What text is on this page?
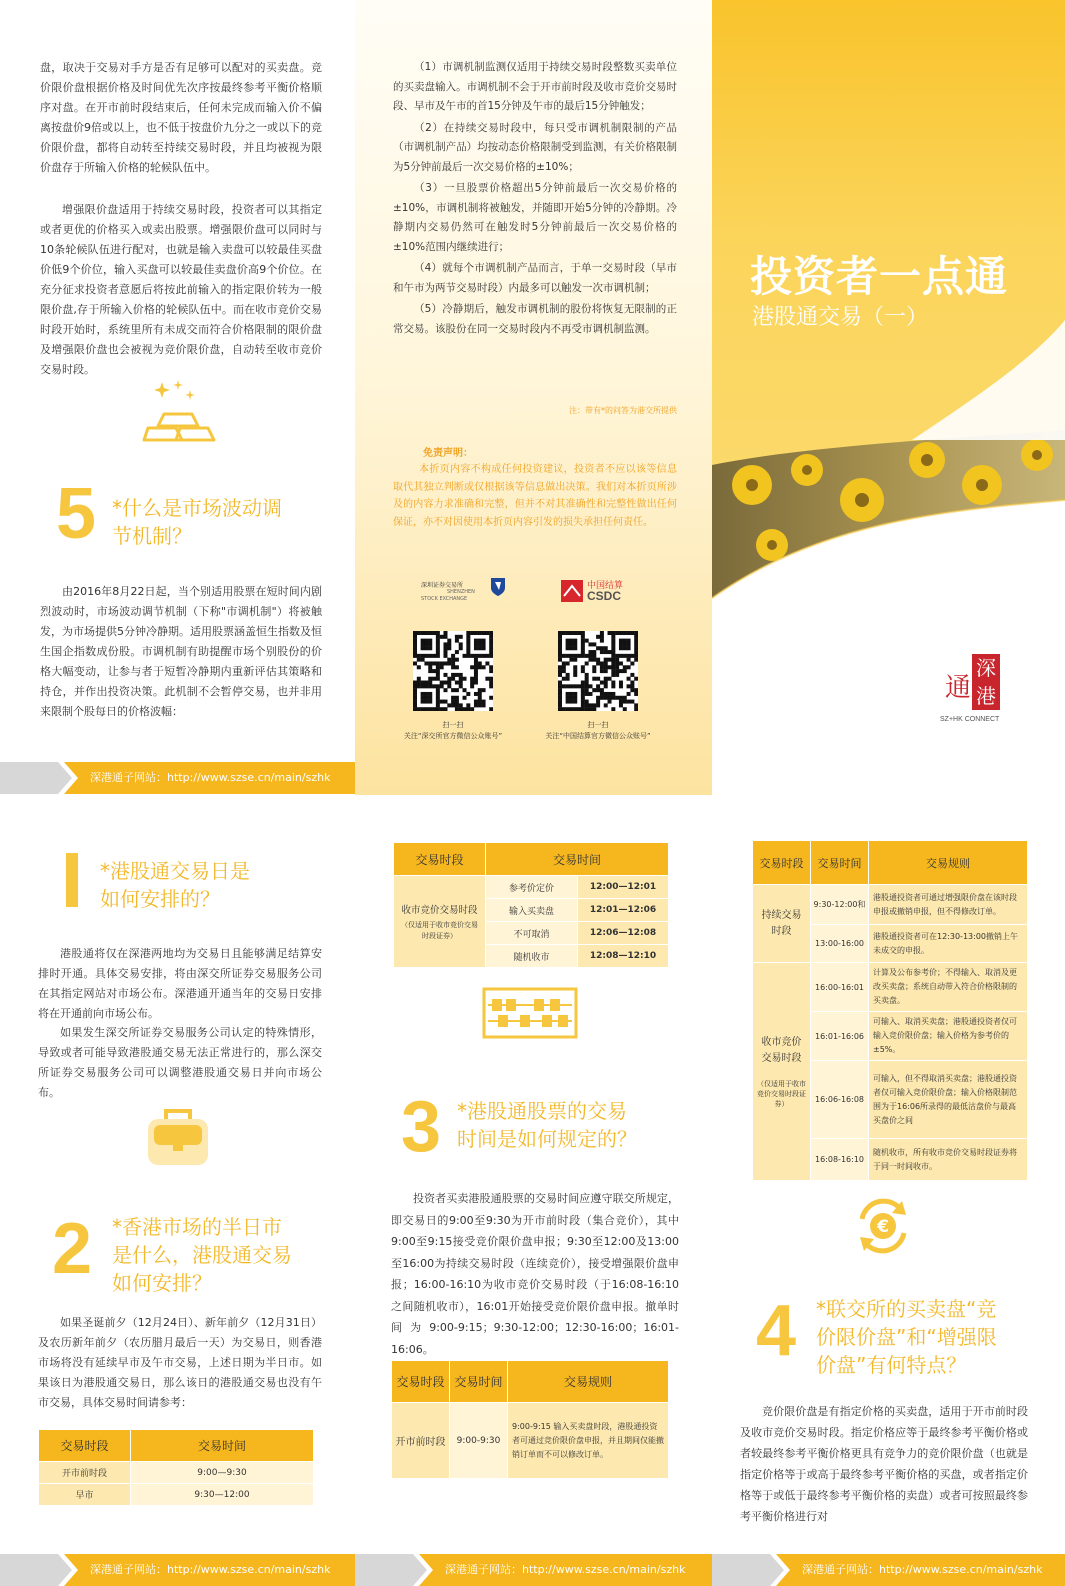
盘，取决于交易对手方是否有足够可以配对的买卖盘。竞价限价盘根据价格及时间优先次序按最终参考平衡价格顺序对盘。在开市前时段结束后，任何未完成而输入价不偏离按盘价9倍或以上，也不低于按盘价九分之一或以下的竞价限价盘，都将自动转至持续交易时段，并且均被视为限价盘存于所输入价格的轮候队伍中。

增强限价盘适用于持续交易时段，投资者可以其指定或者更优的价格买入或卖出股票。增强限价盘可以同时与10条轮候队伍进行配对，也就是输入卖盘可以较最佳买盘价低9个价位，输入买盘可以较最佳卖盘价高9个价位。在充分征求投资者意愿后将按此前输入的指定限价转为一般限价盘,存于所输入价格的轮候队伍中。而在收市竞价交易时段开始时，系统里所有未成交而符合价格限制的限价盘及增强限价盘也会被视为竞价限价盘，自动转至收市竞价交易时段。

5 *什么是市场波动调
节机制？

由2016年8月22日起，当个别适用股票在短时间内剧烈波动时，市场波动调节机制（下称"市调机制"）将被触发，为市场提供5分钟冷静期。适用股票涵盖恒生指数及恒生国企指数成份股。市调机制有助提醒市场个别股份的价格大幅变动，让参与者于短暂冷静期内重新评估其策略和持仓，并作出投资决策。此机制不会暂停交易，也并非用来限制个股每日的价格波幅：

深港通子网站：http://www.szse.cn/main/szhk

（1）市调机制监测仅适用于持续交易时段整数买卖单位的买卖盘输入。市调机制不会于开市前时段及收市竞价交易时段、早市及午市的首15分钟及午市的最后15分钟触发；

（2）在持续交易时段中，每只受市调机制限制的产品（市调机制产品）均按动态价格限制受到监测，有关价格限制为5分钟前最后一次交易价格的±10%；

（3）一旦股票价格超出5分钟前最后一次交易价格的±10%，市调机制将被触发，并随即开始5分钟的冷静期。冷静期内交易仍然可在触发时5分钟前最后一次交易价格的±10%范围内继续进行；

（4）就每个市调机制产品而言，于单一交易时段（早市和午市为两节交易时段）内最多可以触发一次市调机制；

（5）冷静期后，触发市调机制的股份将恢复无限制的正常交易。该股份在同一交易时段内不再受市调机制监测。

注：带有*的问答为港交所提供
免责声明：

本折页内容不构成任何投资建议，投资者不应以该等信息取代其独立判断或仅根据该等信息做出决策。我们对本折页所涉及的内容力求准确和完整，但并不对其准确性和完整性做出任何保证，亦不对因使用本折页内容引发的损失承担任何责任。

深圳证券交易所
SHENZHEN
STOCK EXCHANGE
中国结算
CSDC
扫一扫
关注“深交所官方微信公众账号”
扫一扫
关注“中国结算官方微信公众账号”
投资者一点通
港股通交易（一）
深
港
通
SZ+HK CONNECT
*港股通交易日是
如何安排的？

港股通将仅在深港两地均为交易日且能够满足结算安排时开通。具体交易安排，将由深交所证券交易服务公司在其指定网站对市场公布。深港通开通当年的交易日安排将在开通前向市场公布。

如果发生深交所证券交易服务公司认定的特殊情形，导致或者可能导致港股通交易无法正常进行的，那么深交所证券交易服务公司可以调整港股通交易日并向市场公布。

2 *香港市场的半日市
是什么，港股通交易
如何安排？

如果圣诞前夕（12月24日）、新年前夕（12月31日）及农历新年前夕（农历腊月最后一天）为交易日，则香港市场将没有延续早市及午市交易，上述日期为半日市。如果该日为港股通交易日，那么该日的港股通交易也没有午市交易，具体交易时间请参考：

交易时段	交易时间
开市前时段	9:00—9:30
早市	9:30—12:00
深港通子网站：http://www.szse.cn/main/szhk
交易时段	交易时间	

收市竞价交易时段
（仅适用于收市竞价交易时段证券）	参考价定价	12:00—12:01
	输入买卖盘	12:01—12:06
	不可取消	12:06—12:08
	随机收市	12:08—12:10
3 *港股通股票的交易
时间是如何规定的？

投资者买卖港股通股票的交易时间应遵守联交所规定，即交易日的9:00至9:30为开市前时段（集合竞价），其中9:00至9:15接受竞价限价盘申报；9:30至12:00及13:00至16:00为持续交易时段（连续竞价），接受增强限价盘申报；16:00-16:10为收市竞价交易时段（于16:08-16:10之间随机收市），16:01开始接受竞价限价盘申报。撤单时间为9:00-9:15；9:30-12:00；12:30-16:00；16:01-16:06。

交易时段	交易时间	交易规则
开市前时段	9:00-9:30	9:00-9:15 输入买卖盘时段，港股通投资者可通过竞价限价盘申报，并且期间仅能撤销订单而不可以修改订单。
深港通子网站：http://www.szse.cn/main/szhk
交易时段	交易时间	交易规则
持续交易时段	9:30-12:00和	港股通投资者可通过增强限价盘在该时段申报或撤销申报，但不得修改订单。
	13:00-16:00	港股通投资者可在12:30-13:00撤销上午未成交的申报。

收市竞价交易时段
（仅适用于收市竞价交易时段证券）	16:00-16:01	计算及公布参考价；不得输入、取消及更改买卖盘；系统自动带入符合价格限制的买卖盘。
	16:01-16:06	可输入、取消买卖盘；港股通投资者仅可输入竞价限价盘；输入价格为参考价的±5%。
	16:06-16:08	可输入，但不得取消买卖盘；港股通投资者仅可输入竞价限价盘；输入价格限制范围为于16:06所录得的最低沽盘价与最高买盘价之间
	16:08-16:10	随机收市，所有收市竞价交易时段证券将于同一时间收市。
€
4 *联交所的买卖盘“竞
价限价盘”和“增强限
价盘”有何特点？

竞价限价盘是有指定价格的买卖盘，适用于开市前时段及收市竞价交易时段。指定价格应等于最终参考平衡价格或者较最终参考平衡价格更具有竞争力的竞价限价盘（也就是指定价格等于或高于最终参考平衡价格的买盘，或者指定价格等于或低于最终参考平衡价格的卖盘）或者可按照最终参考平衡价格进行对

深港通子网站：http://www.szse.cn/main/szhk
